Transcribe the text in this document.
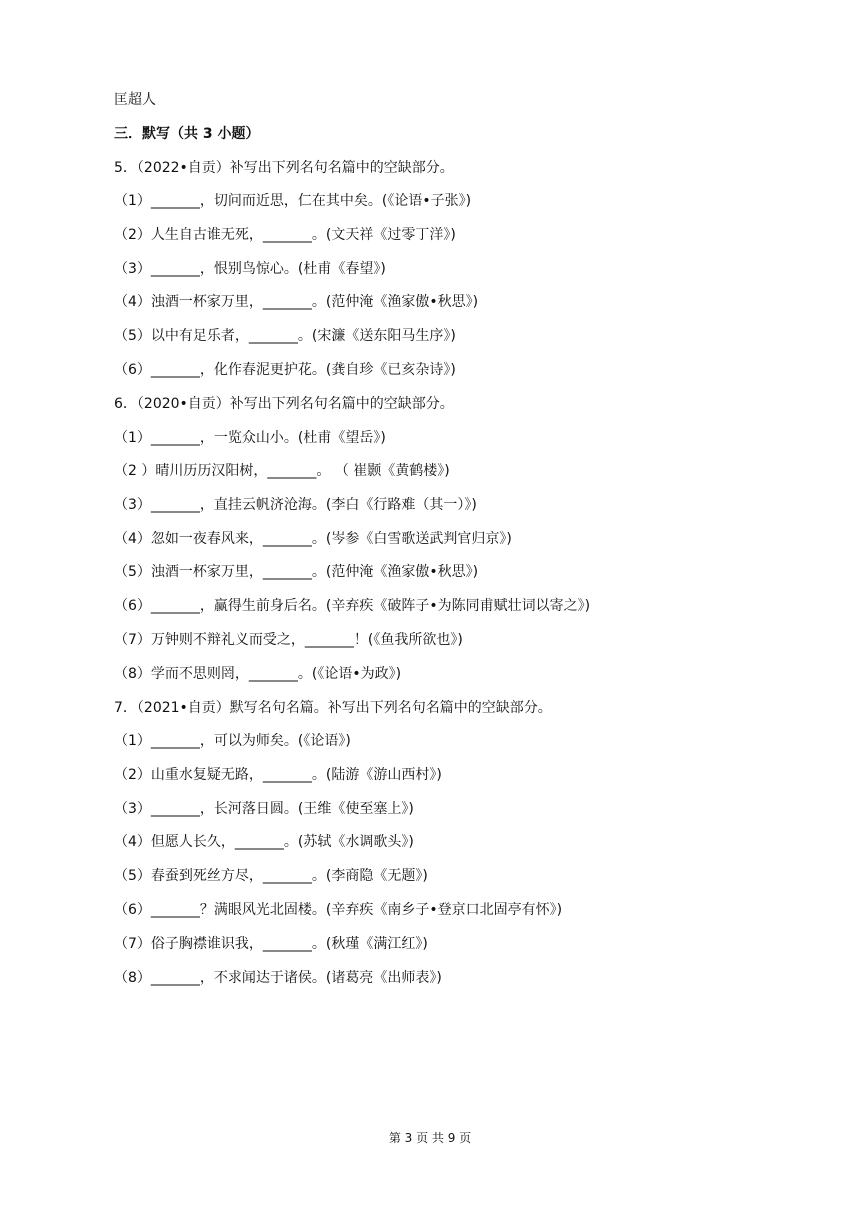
匡超人
三．默写（共 3 小题）
5．（2022•自贡）补写出下列名句名篇中的空缺部分。
（1）_______，切问而近思，仁在其中矣。(《论语•子张》)
（2）人生自古谁无死，_______。(文天祥《过零丁洋》)
（3）_______，恨别鸟惊心。(杜甫《春望》)
（4）浊酒一杯家万里，_______。(范仲淹《渔家傲•秋思》)
（5）以中有足乐者，_______。(宋濂《送东阳马生序》)
（6）_______，化作春泥更护花。(龚自珍《已亥杂诗》)
6．（2020•自贡）补写出下列名句名篇中的空缺部分。
（1）_______，一览众山小。(杜甫《望岳》)
（2 ）晴川历历汉阳树，_______。 （ 崔颢《黄鹤楼》)
（3）_______，直挂云帆济沧海。(李白《行路难（其一）》)
（4）忽如一夜春风来，_______。(岑参《白雪歌送武判官归京》)
（5）浊酒一杯家万里，_______。(范仲淹《渔家傲•秋思》)
（6）_______，赢得生前身后名。(辛弃疾《破阵子•为陈同甫赋壮词以寄之》)
（7）万钟则不辩礼义而受之，_______！(《鱼我所欲也》)
（8）学而不思则罔，_______。(《论语•为政》)
7．（2021•自贡）默写名句名篇。补写出下列名句名篇中的空缺部分。
（1）_______，可以为师矣。(《论语》)
（2）山重水复疑无路，_______。(陆游《游山西村》)
（3）_______，长河落日圆。(王维《使至塞上》)
（4）但愿人长久，_______。(苏轼《水调歌头》)
（5）春蚕到死丝方尽，_______。(李商隐《无题》)
（6）_______？满眼风光北固楼。(辛弃疾《南乡子•登京口北固亭有怀》)
（7）俗子胸襟谁识我，_______。(秋瑾《满江红》)
（8）_______，不求闻达于诸侯。(诸葛亮《出师表》)
第 3 页 共 9 页
